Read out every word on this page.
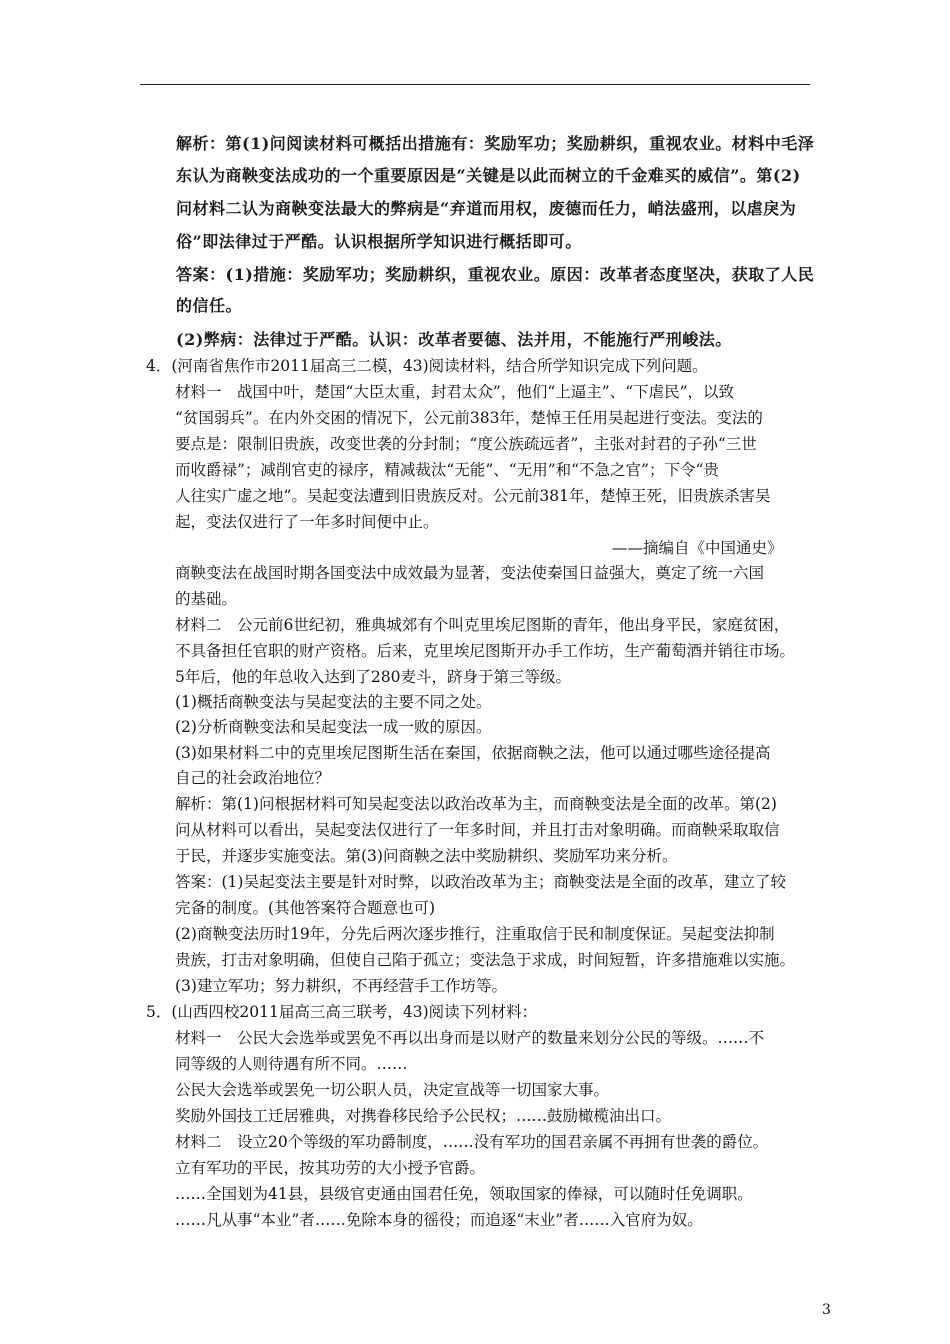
解析：第(1)问阅读材料可概括出措施有：奖励军功；奖励耕织，重视农业。材料中毛泽
东认为商鞅变法成功的一个重要原因是“关键是以此而树立的千金难买的威信”。第(2)
问材料二认为商鞅变法最大的弊病是“弃道而用权，废德而任力，峭法盛刑，以虐戾为
俗”即法律过于严酷。认识根据所学知识进行概括即可。
答案：(1)措施：奖励军功；奖励耕织，重视农业。原因：改革者态度坚决，获取了人民
的信任。
(2)弊病：法律过于严酷。认识：改革者要德、法并用，不能施行严刑峻法。
4．(河南省焦作市2011届高三二模，43)阅读材料，结合所学知识完成下列问题。
材料一　战国中叶，楚国“大臣太重，封君太众”，他们“上逼主”、“下虐民”，以致
“贫国弱兵”。在内外交困的情况下，公元前383年，楚悼王任用吴起进行变法。变法的
要点是：限制旧贵族，改变世袭的分封制；“度公族疏远者”，主张对封君的子孙“三世
而收爵禄”；减削官吏的禄序，精减裁汰“无能”、“无用”和“不急之官”；下令“贵
人往实广虚之地”。吴起变法遭到旧贵族反对。公元前381年，楚悼王死，旧贵族杀害吴
起，变法仅进行了一年多时间便中止。
——摘编自《中国通史》
商鞅变法在战国时期各国变法中成效最为显著，变法使秦国日益强大，奠定了统一六国
的基础。
材料二　公元前6世纪初，雅典城郊有个叫克里埃尼图斯的青年，他出身平民，家庭贫困，
不具备担任官职的财产资格。后来，克里埃尼图斯开办手工作坊，生产葡萄酒并销往市场。
5年后，他的年总收入达到了280麦斗，跻身于第三等级。
(1)概括商鞅变法与吴起变法的主要不同之处。
(2)分析商鞅变法和吴起变法一成一败的原因。
(3)如果材料二中的克里埃尼图斯生活在秦国，依据商鞅之法，他可以通过哪些途径提高
自己的社会政治地位？
解析：第(1)问根据材料可知吴起变法以政治改革为主，而商鞅变法是全面的改革。第(2)
问从材料可以看出，吴起变法仅进行了一年多时间，并且打击对象明确。而商鞅采取取信
于民，并逐步实施变法。第(3)问商鞅之法中奖励耕织、奖励军功来分析。
答案：(1)吴起变法主要是针对时弊，以政治改革为主；商鞅变法是全面的改革，建立了较
完备的制度。(其他答案符合题意也可)
(2)商鞅变法历时19年，分先后两次逐步推行，注重取信于民和制度保证。吴起变法抑制
贵族，打击对象明确，但使自己陷于孤立；变法急于求成，时间短暂，许多措施难以实施。
(3)建立军功；努力耕织，不再经营手工作坊等。
5．(山西四校2011届高三高三联考，43)阅读下列材料：
材料一　公民大会选举或罢免不再以出身而是以财产的数量来划分公民的等级。……不
同等级的人则待遇有所不同。……
公民大会选举或罢免一切公职人员，决定宣战等一切国家大事。
奖励外国技工迁居雅典，对携眷移民给予公民权；……鼓励橄榄油出口。
材料二　设立20个等级的军功爵制度，……没有军功的国君亲属不再拥有世袭的爵位。
立有军功的平民，按其功劳的大小授予官爵。
……全国划为41县，县级官吏通由国君任免，领取国家的俸禄，可以随时任免调职。
……凡从事“本业”者……免除本身的徭役；而追逐“末业”者……入官府为奴。
3
